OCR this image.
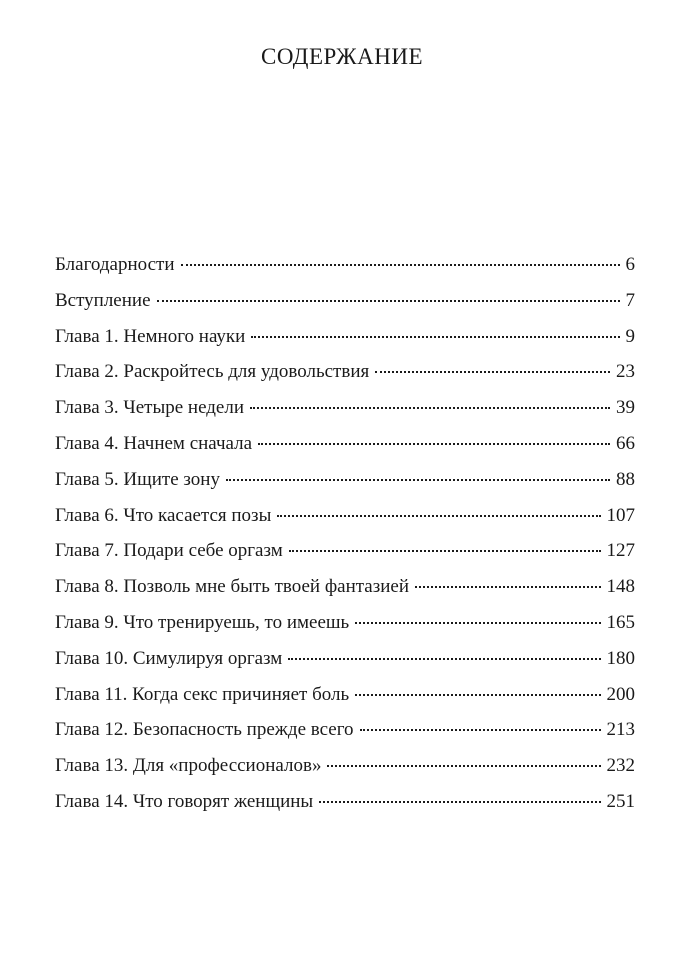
СОДЕРЖАНИЕ
Благодарности	6
Вступление	7
Глава 1. Немного науки	9
Глава 2. Раскройтесь для удовольствия	23
Глава 3. Четыре недели	39
Глава 4. Начнем сначала	66
Глава 5. Ищите зону	88
Глава 6. Что касается позы	107
Глава 7. Подари себе оргазм	127
Глава 8. Позволь мне быть твоей фантазией	148
Глава 9. Что тренируешь, то имеешь	165
Глава 10. Симулируя оргазм	180
Глава 11. Когда секс причиняет боль	200
Глава 12. Безопасность прежде всего	213
Глава 13. Для «профессионалов»	232
Глава 14. Что говорят женщины	251
